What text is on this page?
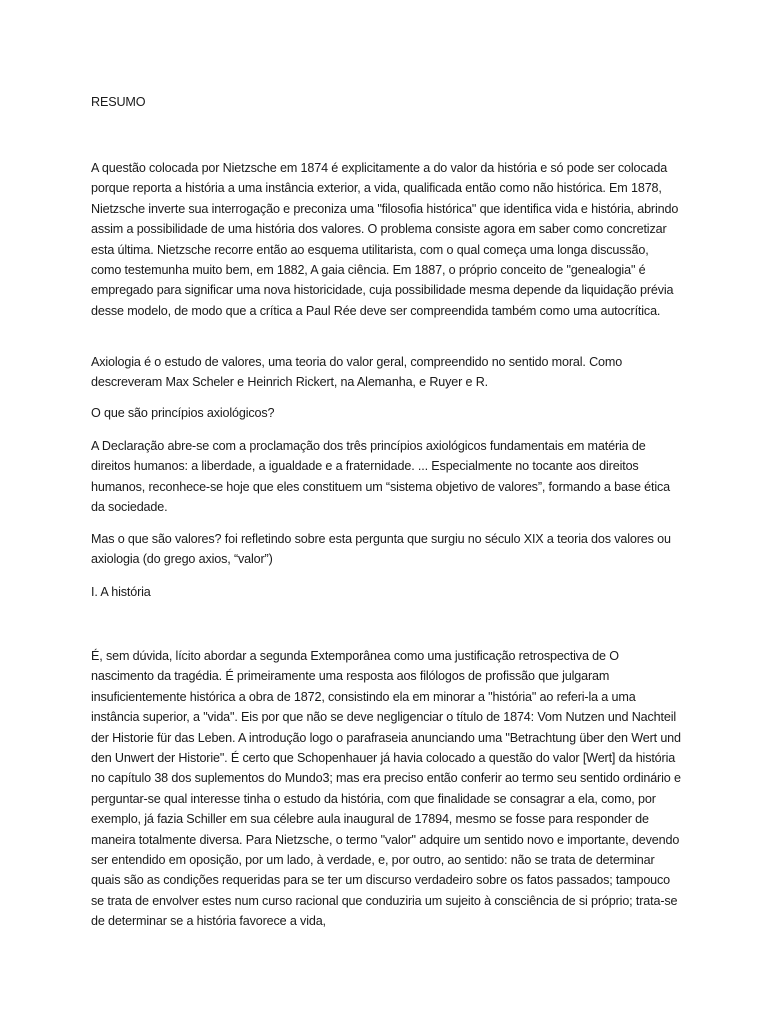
RESUMO

A questão colocada por Nietzsche em 1874 é explicitamente a do valor da história e só pode ser colocada porque reporta a história a uma instância exterior, a vida, qualificada então como não histórica. Em 1878, Nietzsche inverte sua interrogação e preconiza uma "filosofia histórica" que identifica vida e história, abrindo assim a possibilidade de uma história dos valores. O problema consiste agora em saber como concretizar esta última. Nietzsche recorre então ao esquema utilitarista, com o qual começa uma longa discussão, como testemunha muito bem, em 1882, A gaia ciência. Em 1887, o próprio conceito de "genealogia" é empregado para significar uma nova historicidade, cuja possibilidade mesma depende da liquidação prévia desse modelo, de modo que a crítica a Paul Rée deve ser compreendida também como uma autocrítica.

Axiologia é o estudo de valores, uma teoria do valor geral, compreendido no sentido moral. Como descreveram Max Scheler e Heinrich Rickert, na Alemanha, e Ruyer e R.

O que são princípios axiológicos?

A Declaração abre-se com a proclamação dos três princípios axiológicos fundamentais em matéria de direitos humanos: a liberdade, a igualdade e a fraternidade. ... Especialmente no tocante aos direitos humanos, reconhece-se hoje que eles constituem um “sistema objetivo de valores”, formando a base ética da sociedade.

Mas o que são valores? foi refletindo sobre esta pergunta que surgiu no século XIX a teoria dos valores ou axiologia (do grego axios, “valor”)

I. A história

É, sem dúvida, lícito abordar a segunda Extemporânea como uma justificação retrospectiva de O nascimento da tragédia. É primeiramente uma resposta aos filólogos de profissão que julgaram insuficientemente histórica a obra de 1872, consistindo ela em minorar a "história" ao referi-la a uma instância superior, a "vida". Eis por que não se deve negligenciar o título de 1874: Vom Nutzen und Nachteil der Historie für das Leben. A introdução logo o parafraseia anunciando uma "Betrachtung über den Wert und den Unwert der Historie". É certo que Schopenhauer já havia colocado a questão do valor [Wert] da história no capítulo 38 dos suplementos do Mundo3; mas era preciso então conferir ao termo seu sentido ordinário e perguntar-se qual interesse tinha o estudo da história, com que finalidade se consagrar a ela, como, por exemplo, já fazia Schiller em sua célebre aula inaugural de 17894, mesmo se fosse para responder de maneira totalmente diversa. Para Nietzsche, o termo "valor" adquire um sentido novo e importante, devendo ser entendido em oposição, por um lado, à verdade, e, por outro, ao sentido: não se trata de determinar quais são as condições requeridas para se ter um discurso verdadeiro sobre os fatos passados; tampouco se trata de envolver estes num curso racional que conduziria um sujeito à consciência de si próprio; trata-se de determinar se a história favorece a vida,
